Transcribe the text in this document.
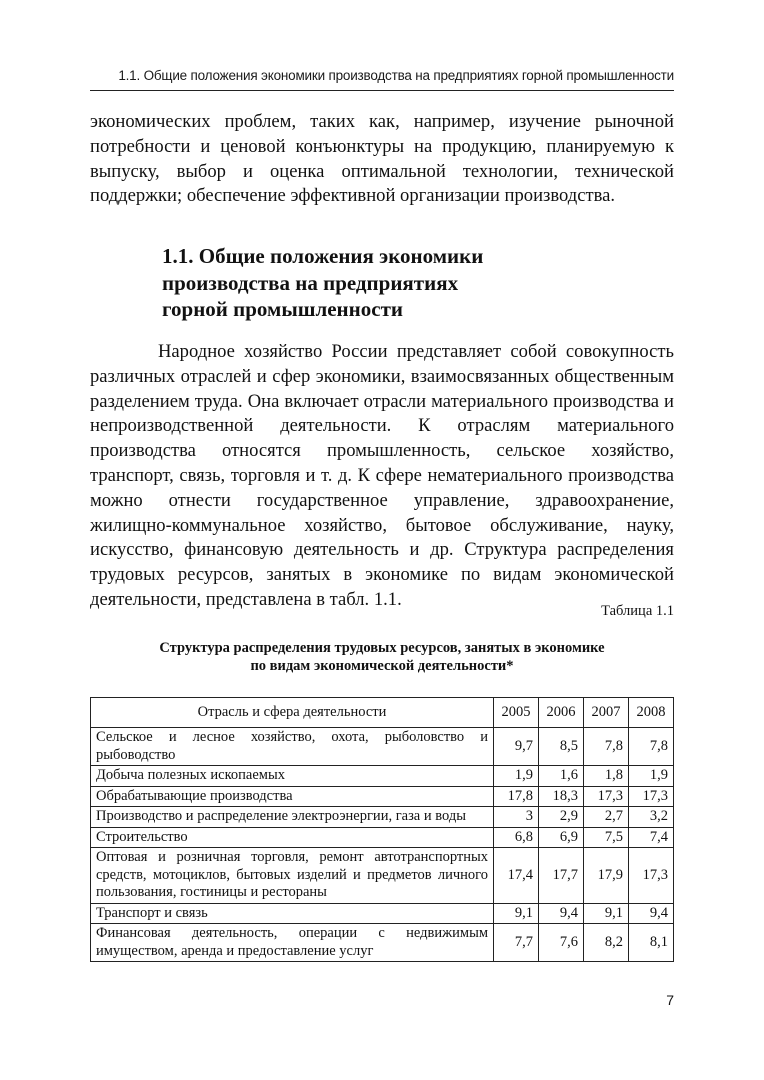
1.1. Общие положения экономики производства на предприятиях горной промышленности

экономических проблем, таких как, например, изучение рыночной потребности и ценовой конъюнктуры на продукцию, планируемую к выпуску, выбор и оценка оптимальной технологии, технической поддержки; обеспечение эффективной организации производства.

1.1. Общие положения экономики
производства на предприятиях
горной промышленности

Народное хозяйство России представляет собой совокупность различных отраслей и сфер экономики, взаимосвязанных общественным разделением труда. Она включает отрасли материального производства и непроизводственной деятельности. К отраслям материального производства относятся промышленность, сельское хозяйство, транспорт, связь, торговля и т. д. К сфере нематериального производства можно отнести государственное управление, здравоохранение, жилищно-коммунальное хозяйство, бытовое обслуживание, науку, искусство, финансовую деятельность и др. Структура распределения трудовых ресурсов, занятых в экономике по видам экономической деятельности, представлена в табл. 1.1.

Таблица 1.1
Структура распределения трудовых ресурсов, занятых в экономике
по видам экономической деятельности*
Отрасль и сфера деятельности	2005	2006	2007	2008
Сельское и лесное хозяйство, охота, рыболовство и рыбоводство	9,7	8,5	7,8	7,8
Добыча полезных ископаемых	1,9	1,6	1,8	1,9
Обрабатывающие производства	17,8	18,3	17,3	17,3
Производство и распределение электроэнергии, газа и воды	3	2,9	2,7	3,2
Строительство	6,8	6,9	7,5	7,4
Оптовая и розничная торговля, ремонт автотранспортных средств, мотоциклов, бытовых изделий и предметов личного пользования, гостиницы и рестораны	17,4	17,7	17,9	17,3
Транспорт и связь	9,1	9,4	9,1	9,4
Финансовая деятельность, операции с недвижимым имуществом, аренда и предоставление услуг	7,7	7,6	8,2	8,1
7
